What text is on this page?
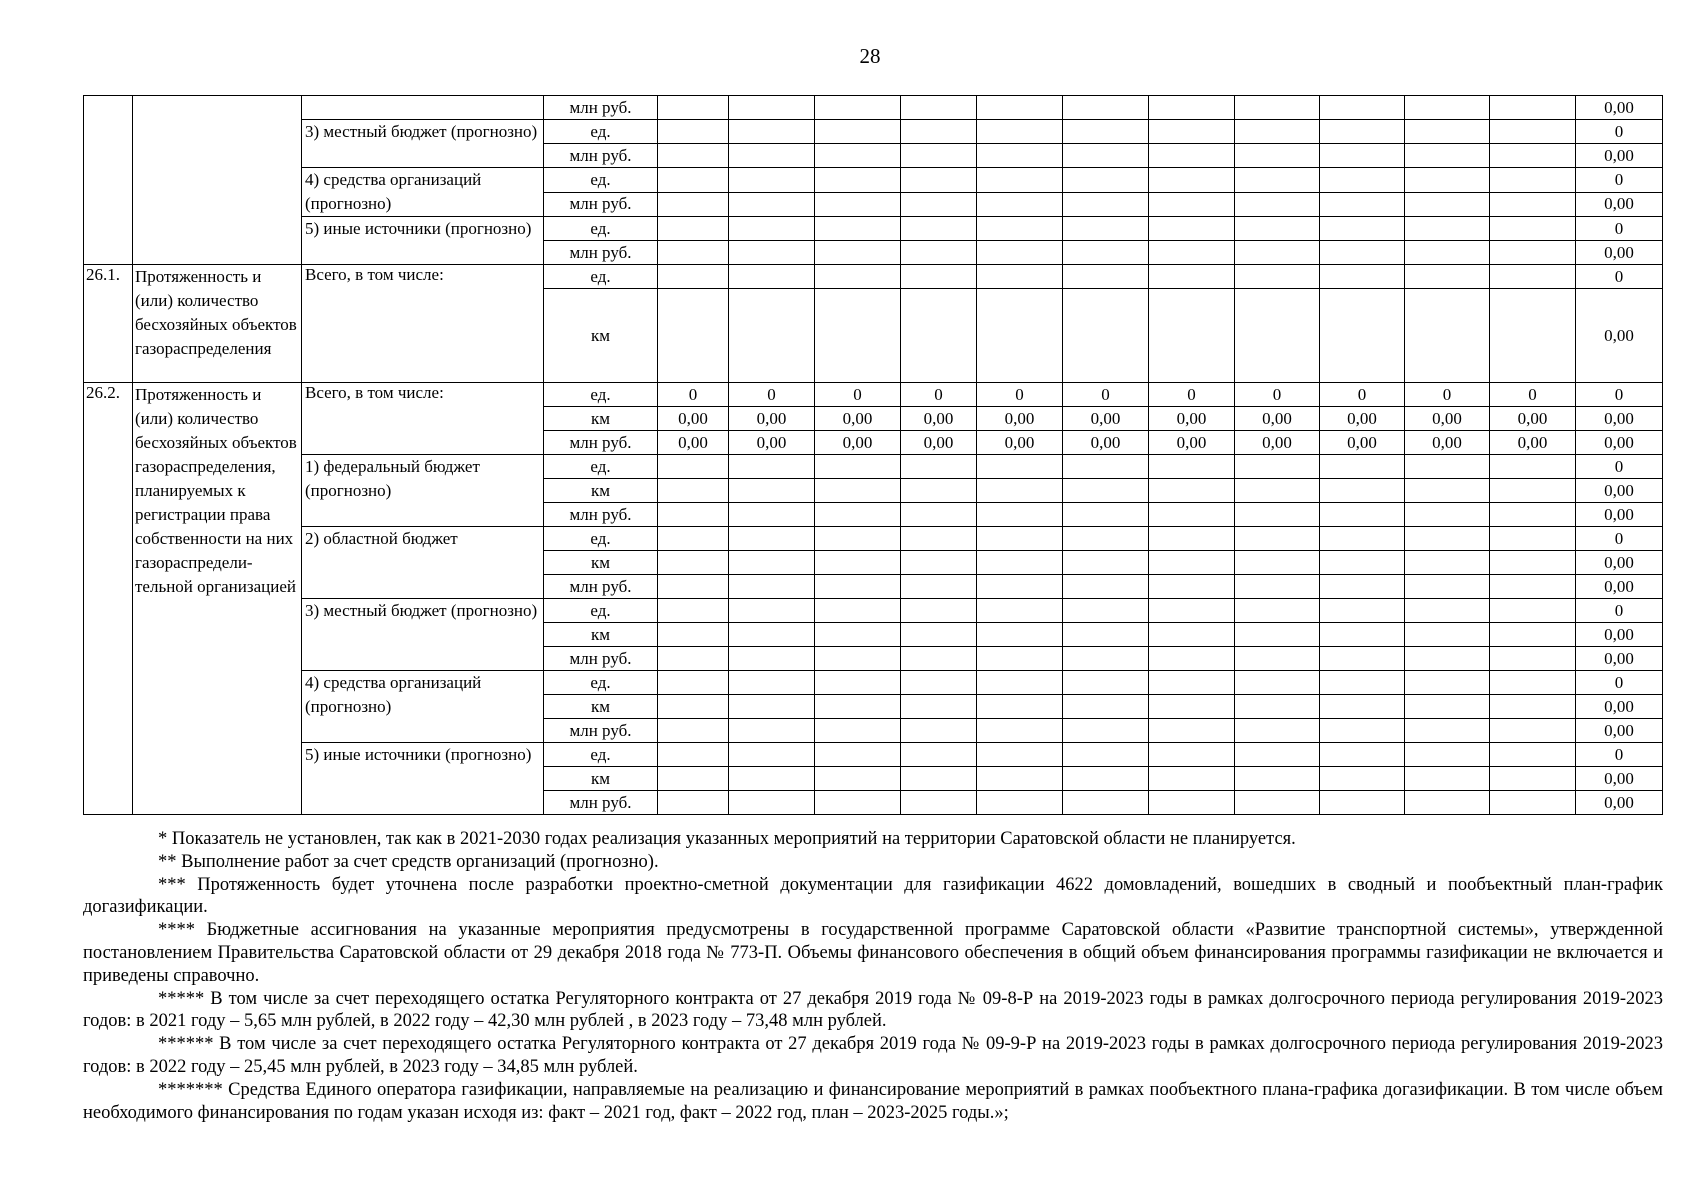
28
			млн руб.												0,00	
		3) местный бюджет (прогнозно)	ед.												0	
			млн руб.												0,00	
		4) средства организаций (прогнозно)	ед.												0	
			млн руб.												0,00	
		5) иные источники (прогнозно)	ед.												0	
			млн руб.												0,00	
26.1.	Протяженность и (или) количество бесхозяйных объектов газораспределения	Всего, в том числе:	ед.												0	
			км												0,00	
26.2.	Протяженность и (или) количество бесхозяйных объектов газораспределения, планируемых к регистрации права собственности на них газораспредели- тельной организацией	Всего, в том числе:	ед.	0	0	0	0	0	0	0	0	0	0	0	0	
			км	0,00	0,00	0,00	0,00	0,00	0,00	0,00	0,00	0,00	0,00	0,00	0,00	
			млн руб.	0,00	0,00	0,00	0,00	0,00	0,00	0,00	0,00	0,00	0,00	0,00	0,00	
		1) федеральный бюджет (прогнозно)	ед.												0	
			км												0,00	
			млн руб.												0,00	
		2) областной бюджет	ед.												0	
			км												0,00	
			млн руб.												0,00	
		3) местный бюджет (прогнозно)	ед.												0	
			км												0,00	
			млн руб.												0,00	
		4) средства организаций (прогнозно)	ед.												0	
			км												0,00	
			млн руб.												0,00	
		5) иные источники (прогнозно)	ед.												0	
			км												0,00	
			млн руб.												0,00	

* Показатель не установлен, так как в 2021-2030 годах реализация указанных мероприятий на территории Саратовской области не планируется.

** Выполнение работ за счет средств организаций (прогнозно).

*** Протяженность будет уточнена после разработки проектно-сметной документации для газификации 4622 домовладений, вошедших в сводный и пообъектный план-график догазификации.

**** Бюджетные ассигнования на указанные мероприятия предусмотрены в государственной программе Саратовской области «Развитие транспортной системы», утвержденной постановлением Правительства Саратовской области от 29 декабря 2018 года № 773-П. Объемы финансового обеспечения в общий объем финансирования программы газификации не включается и приведены справочно.

***** В том числе за счет переходящего остатка Регуляторного контракта от 27 декабря 2019 года № 09-8-Р на 2019-2023 годы в рамках долгосрочного периода регулирования 2019-2023 годов: в 2021 году – 5,65 млн рублей, в 2022 году – 42,30 млн рублей , в 2023 году – 73,48 млн рублей.

****** В том числе за счет переходящего остатка Регуляторного контракта от 27 декабря 2019 года № 09-9-Р на 2019-2023 годы в рамках долгосрочного периода регулирования 2019-2023 годов: в 2022 году – 25,45 млн рублей, в 2023 году – 34,85 млн рублей.

******* Средства Единого оператора газификации, направляемые на реализацию и финансирование мероприятий в рамках пообъектного плана-графика догазификации. В том числе объем необходимого финансирования по годам указан исходя из: факт – 2021 год, факт – 2022 год, план – 2023-2025 годы.»;
